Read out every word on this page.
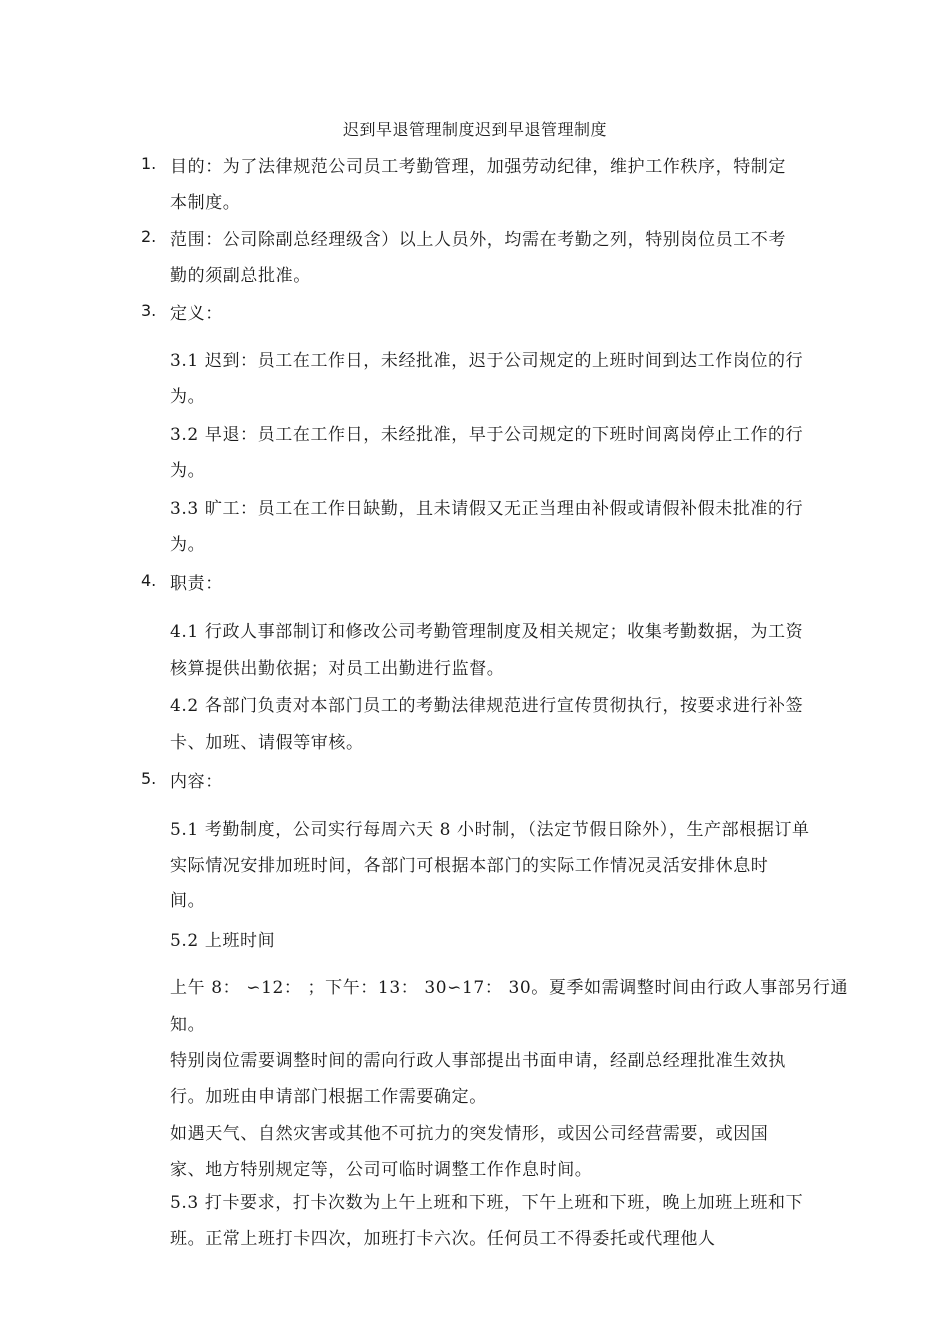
迟到早退管理制度迟到早退管理制度
1. 目的：为了法律规范公司员工考勤管理，加强劳动纪律，维护工作秩序，特制定
本制度。
2. 范围：公司除副总经理级含）以上人员外，均需在考勤之列，特别岗位员工不考
勤的须副总批准。
3. 定义：
3.1 迟到：员工在工作日，未经批准，迟于公司规定的上班时间到达工作岗位的行
为。
3.2 早退：员工在工作日，未经批准，早于公司规定的下班时间离岗停止工作的行
为。
3.3 旷工：员工在工作日缺勤，且未请假又无正当理由补假或请假补假未批准的行
为。
4. 职责：
4.1 行政人事部制订和修改公司考勤管理制度及相关规定；收集考勤数据，为工资
核算提供出勤依据；对员工出勤进行监督。
4.2 各部门负责对本部门员工的考勤法律规范进行宣传贯彻执行，按要求进行补签
卡、加班、请假等审核。
5. 内容：
5.1 考勤制度，公司实行每周六天 8 小时制，（法定节假日除外），生产部根据订单
实际情况安排加班时间，各部门可根据本部门的实际工作情况灵活安排休息时
间。
5.2 上班时间
上午 8： ∽12： ；下午：13： 30∽17： 30。夏季如需调整时间由行政人事部另行通
知。
特别岗位需要调整时间的需向行政人事部提出书面申请，经副总经理批准生效执
行。加班由申请部门根据工作需要确定。
如遇天气、自然灾害或其他不可抗力的突发情形，或因公司经营需要，或因国
家、地方特别规定等，公司可临时调整工作作息时间。
5.3 打卡要求，打卡次数为上午上班和下班，下午上班和下班，晚上加班上班和下
班。正常上班打卡四次，加班打卡六次。任何员工不得委托或代理他人
